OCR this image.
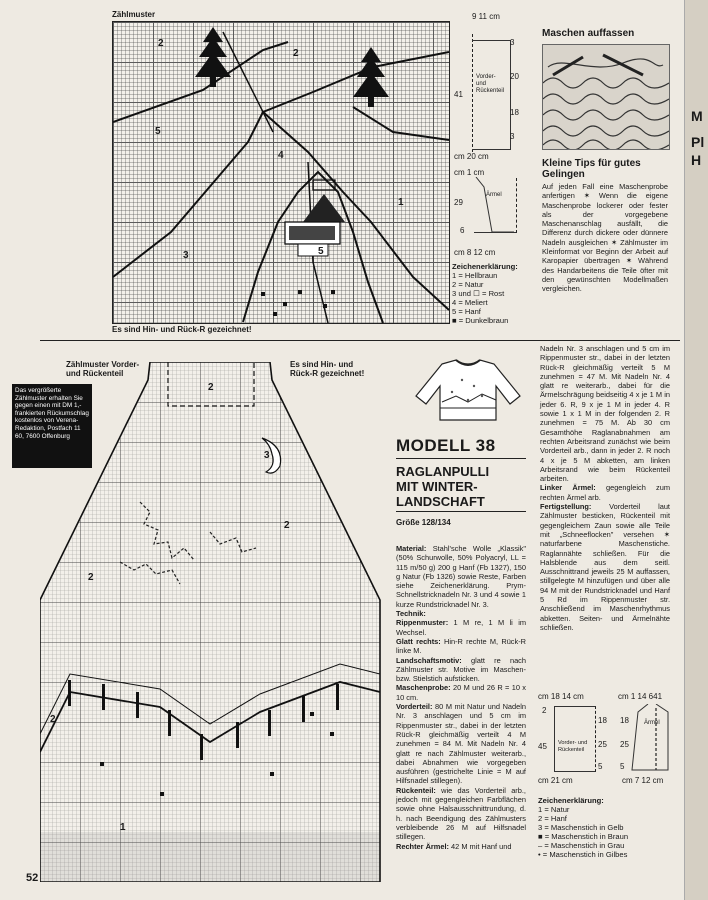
Zählmuster
2
2
3
4
1
5
5
Es sind Hin- und Rück-R gezeichnet!
9 11 cm
3
20
18
3
41
Vorder- und Rückenteil
cm 20 cm
cm 1 cm
29
Ärmel
6
cm 8 12 cm
Zeichenerklärung:
1 = Hellbraun
2 = Natur
3 und ☐ = Rost
4 = Meliert
5 = Hanf
■ = Dunkelbraun
Maschen auffassen
Kleine Tips für gutes Gelingen
Auf jeden Fall eine Maschenprobe anfertigen ✶ Wenn die eigene Maschenprobe lockerer oder fester als der vorgegebene Maschenanschlag ausfällt, die Differenz durch dickere oder dünnere Nadeln ausgleichen ✶ Zählmuster im Kleinformat vor Beginn der Arbeit auf Karopapier übertragen ✶ Während des Handarbeitens die Teile öfter mit den gewünschten Modellmaßen vergleichen.
M
Pl
H
Zählmuster Vorder- und Rückenteil
Es sind Hin- und Rück-R gezeichnet!
Das vergrößerte Zählmuster erhalten Sie gegen einen mit DM 1,- frankierten Rückumschlag kostenlos von Verena-Redaktion, Postfach 11 60, 7600 Offenburg
2
2
2
2
3
1
MODELL 38
RAGLANPULLI
MIT WINTER-
LANDSCHAFT
Größe 128/134
Material: Stahl'sche Wolle „Klassik" (50% Schurwolle, 50% Polyacryl, LL = 115 m/50 g) 200 g Hanf (Fb 1327), 150 g Natur (Fb 1326) sowie Reste, Farben siehe Zeichenerklärung. Prym-Schnellstricknadeln Nr. 3 und 4 sowie 1 kurze Rundstricknadel Nr. 3.
Technik:
Rippenmuster: 1 M re, 1 M li im Wechsel.
Glatt rechts: Hin-R rechte M, Rück-R linke M.
Landschaftsmotiv: glatt re nach Zählmuster str. Motive im Maschen- bzw. Stielstich aufsticken.
Maschenprobe: 20 M und 26 R = 10 x 10 cm.
Vorderteil: 80 M mit Natur und Nadeln Nr. 3 anschlagen und 5 cm im Rippenmuster str., dabei in der letzten Rück-R gleichmäßig verteilt 4 M zunehmen = 84 M. Mit Nadeln Nr. 4 glatt re nach Zählmuster weiterarb., dabei Abnahmen wie vorgegeben ausführen (gestrichelte Linie = M auf Hilfsnadel stillegen).
Rückenteil: wie das Vorderteil arb., jedoch mit gegengleichen Farbflächen sowie ohne Halsausschnittrundung, d. h. nach Beendigung des Zählmusters verbleibende 26 M auf Hilfsnadel stillegen.
Rechter Ärmel: 42 M mit Hanf und
Nadeln Nr. 3 anschlagen und 5 cm im Rippenmuster str., dabei in der letzten Rück-R gleichmäßig verteilt 5 M zunehmen = 47 M. Mit Nadeln Nr. 4 glatt re weiterarb., dabei für die Ärmelschrägung beidseitig 4 x je 1 M in jeder 6. R, 9 x je 1 M in jeder 4. R sowie 1 x 1 M in der folgenden 2. R zunehmen = 75 M. Ab 30 cm Gesamthöhe Raglanabnahmen am rechten Arbeitsrand zunächst wie beim Vorderteil arb., dann in jeder 2. R noch 4 x je 5 M abketten, am linken Arbeitsrand wie beim Rückenteil arbeiten.
Linker Ärmel: gegengleich zum rechten Ärmel arb.
Fertigstellung: Vorderteil laut Zählmuster besticken, Rückenteil mit gegengleichem Zaun sowie alle Teile mit „Schneeflocken" versehen ✶ naturfarbene Maschenstiche. Raglannähte schließen. Für die Halsblende aus dem seitl. Ausschnittrand jeweils 25 M auffassen, stillgelegte M hinzufügen und über alle 94 M mit der Rundstricknadel und Hanf 5 Rd im Rippenmuster str. Anschließend im Maschenrhythmus abketten. Seiten- und Ärmelnähte schließen.
cm 18 14 cm	cm 1 14 641
2
18
25
5
45 Vorder- und Rückenteil
Ärmel
18
25
5
cm 21 cm	cm 7 12 cm
Zeichenerklärung:
1 = Natur
2 = Hanf
3 = Maschenstich in Gelb
■ = Maschenstich in Braun
– = Maschenstich in Grau
• = Maschenstich in Gilbes
52
